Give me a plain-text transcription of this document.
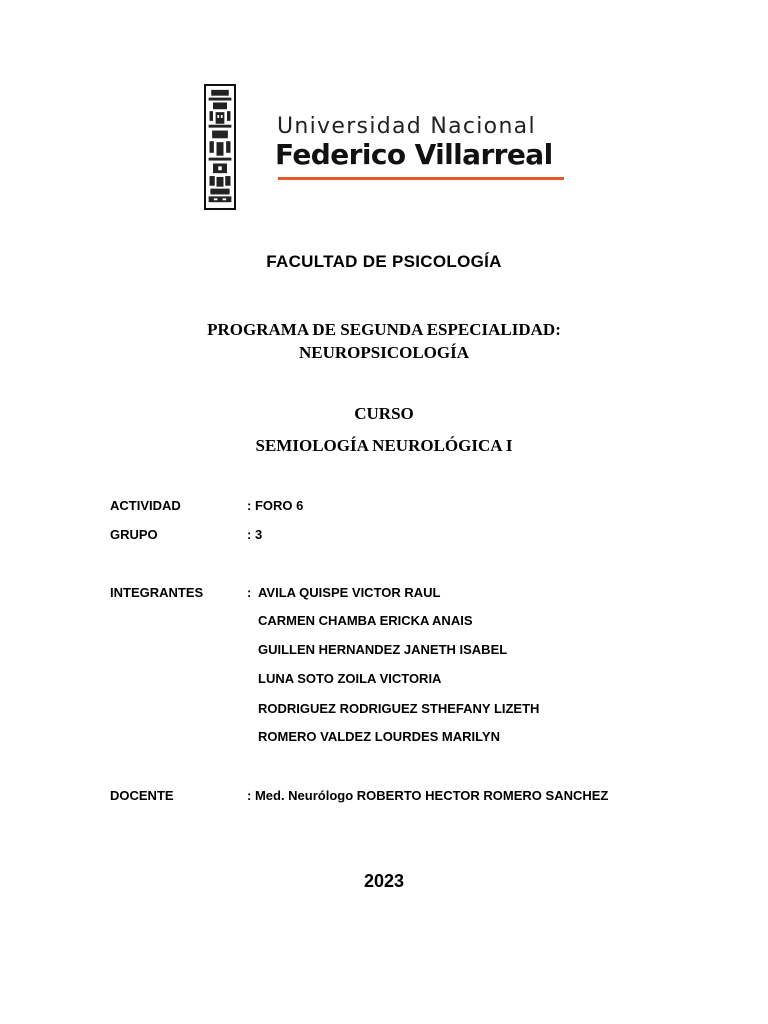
Universidad Nacional
Federico Villarreal
FACULTAD DE PSICOLOGÍA
PROGRAMA DE SEGUNDA ESPECIALIDAD:
NEUROPSICOLOGÍA
CURSO
SEMIOLOGÍA NEUROLÓGICA I
ACTIVIDAD	: FORO 6
GRUPO	: 3
INTEGRANTES	: AVILA QUISPE VICTOR RAUL
CARMEN CHAMBA ERICKA ANAIS
GUILLEN HERNANDEZ JANETH ISABEL
LUNA SOTO ZOILA VICTORIA
RODRIGUEZ RODRIGUEZ STHEFANY LIZETH
ROMERO VALDEZ LOURDES MARILYN
DOCENTE	: Med. Neurólogo ROBERTO HECTOR ROMERO SANCHEZ
2023
